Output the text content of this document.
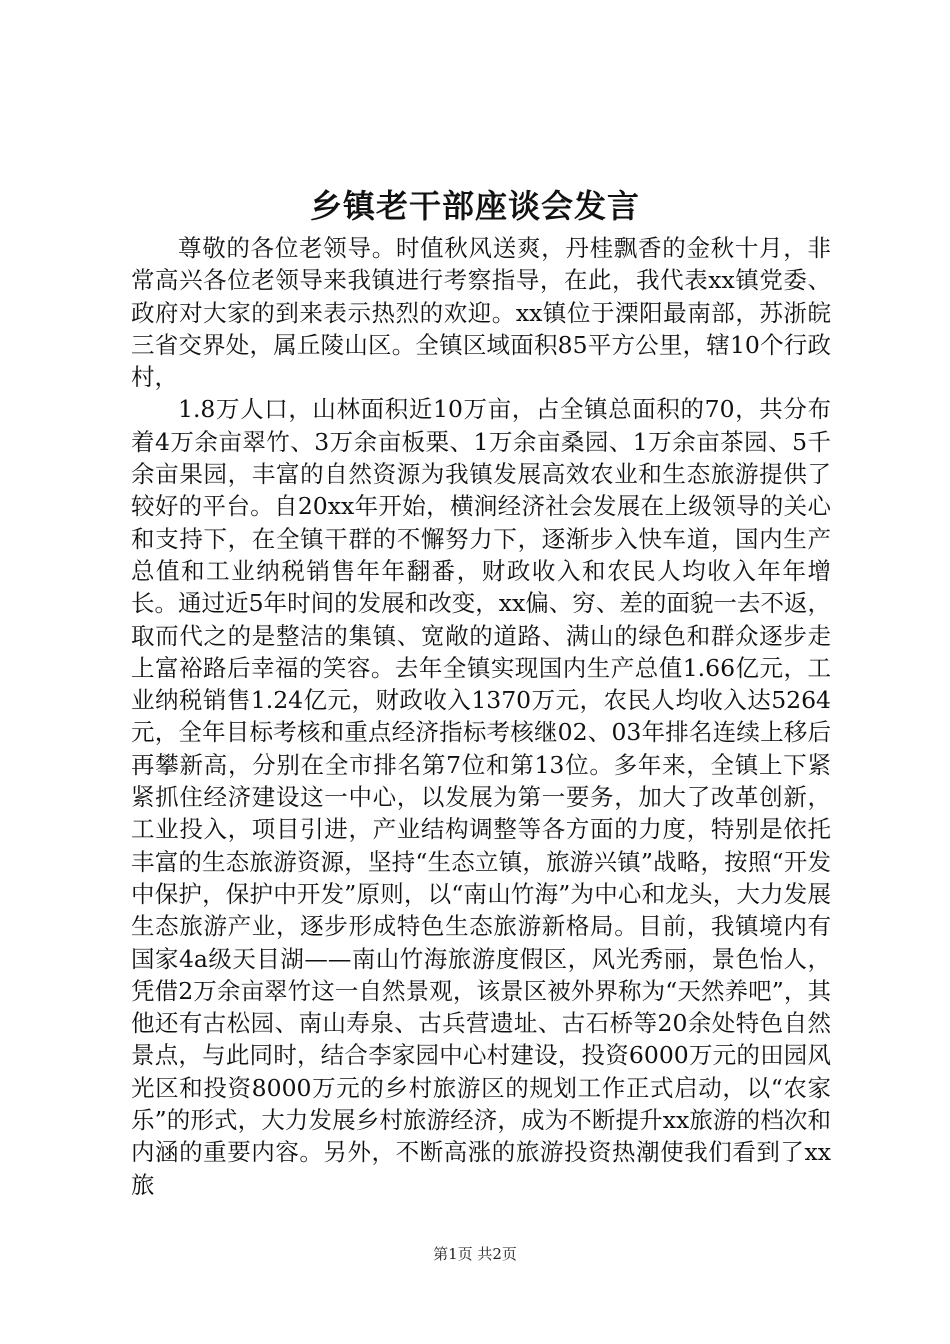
乡镇老干部座谈会发言

尊敬的各位老领导。时值秋风送爽，丹桂飘香的金秋十月，非常高兴各位老领导来我镇进行考察指导，在此，我代表xx镇党委、政府对大家的到来表示热烈的欢迎。xx镇位于溧阳最南部，苏浙皖三省交界处，属丘陵山区。全镇区域面积85平方公里，辖10个行政村，

1.8万人口，山林面积近10万亩，占全镇总面积的70，共分布着4万余亩翠竹、3万余亩板栗、1万余亩桑园、1万余亩茶园、5千余亩果园，丰富的自然资源为我镇发展高效农业和生态旅游提供了较好的平台。自20xx年开始，横涧经济社会发展在上级领导的关心和支持下，在全镇干群的不懈努力下，逐渐步入快车道，国内生产总值和工业纳税销售年年翻番，财政收入和农民人均收入年年增长。通过近5年时间的发展和改变，xx偏、穷、差的面貌一去不返，取而代之的是整洁的集镇、宽敞的道路、满山的绿色和群众逐步走上富裕路后幸福的笑容。去年全镇实现国内生产总值1.66亿元，工业纳税销售1.24亿元，财政收入1370万元，农民人均收入达5264元，全年目标考核和重点经济指标考核继02、03年排名连续上移后再攀新高，分别在全市排名第7位和第13位。多年来，全镇上下紧紧抓住经济建设这一中心，以发展为第一要务，加大了改革创新，工业投入，项目引进，产业结构调整等各方面的力度，特别是依托丰富的生态旅游资源，坚持“生态立镇，旅游兴镇”战略，按照“开发中保护，保护中开发”原则，以“南山竹海”为中心和龙头，大力发展生态旅游产业，逐步形成特色生态旅游新格局。目前，我镇境内有国家4a级天目湖——南山竹海旅游度假区，风光秀丽，景色怡人，凭借2万余亩翠竹这一自然景观，该景区被外界称为“天然养吧”，其他还有古松园、南山寿泉、古兵营遗址、古石桥等20余处特色自然景点，与此同时，结合李家园中心村建设，投资6000万元的田园风光区和投资8000万元的乡村旅游区的规划工作正式启动，以“农家乐”的形式，大力发展乡村旅游经济，成为不断提升xx旅游的档次和内涵的重要内容。另外，不断高涨的旅游投资热潮使我们看到了xx旅

第1页 共2页
